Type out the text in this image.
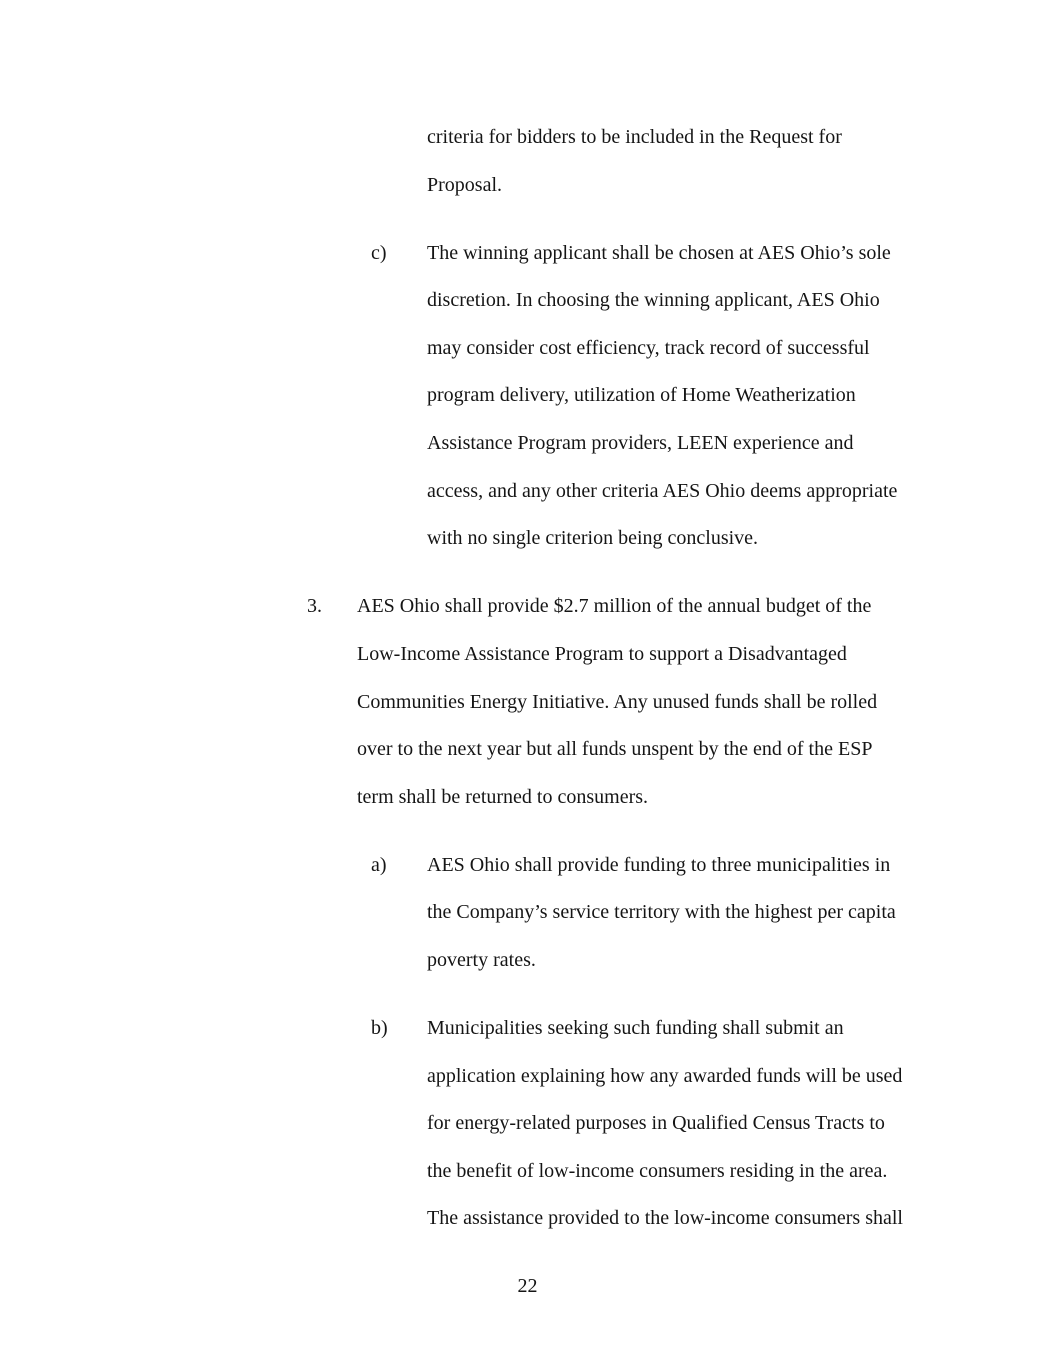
criteria for bidders to be included in the Request for
Proposal.
c) The winning applicant shall be chosen at AES Ohio’s sole
discretion. In choosing the winning applicant, AES Ohio
may consider cost efficiency, track record of successful
program delivery, utilization of Home Weatherization
Assistance Program providers, LEEN experience and
access, and any other criteria AES Ohio deems appropriate
with no single criterion being conclusive.
3. AES Ohio shall provide $2.7 million of the annual budget of the
Low-Income Assistance Program to support a Disadvantaged
Communities Energy Initiative. Any unused funds shall be rolled
over to the next year but all funds unspent by the end of the ESP
term shall be returned to consumers.
a) AES Ohio shall provide funding to three municipalities in
the Company’s service territory with the highest per capita
poverty rates.
b) Municipalities seeking such funding shall submit an
application explaining how any awarded funds will be used
for energy-related purposes in Qualified Census Tracts to
the benefit of low-income consumers residing in the area.
The assistance provided to the low-income consumers shall
22
